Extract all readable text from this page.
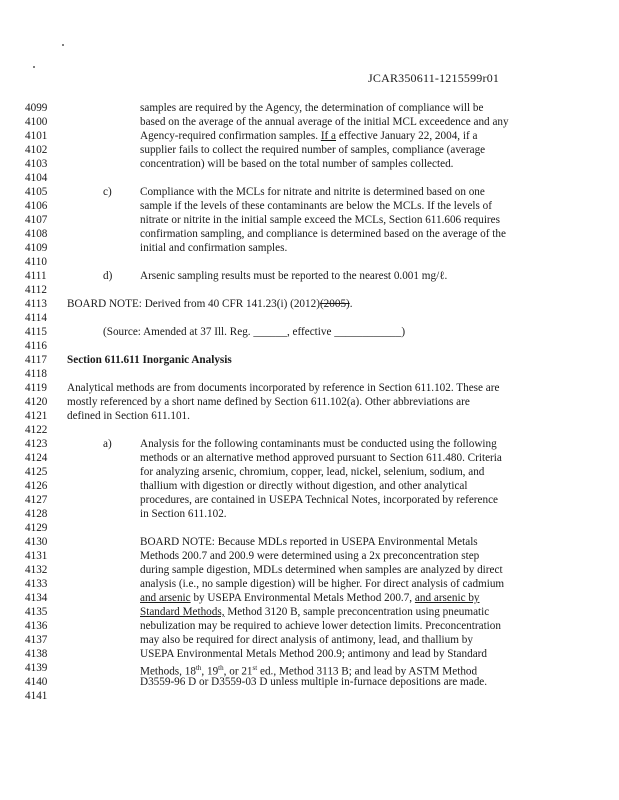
JCAR350611-1215599r01
4099	samples are required by the Agency, the determination of compliance will be
4100	based on the average of the annual average of the initial MCL exceedence and any
4101	Agency-required confirmation samples. If a effective January 22, 2004, if a
4102	supplier fails to collect the required number of samples, compliance (average
4103	concentration) will be based on the total number of samples collected.
4104
4105	c)	Compliance with the MCLs for nitrate and nitrite is determined based on one
4106	sample if the levels of these contaminants are below the MCLs. If the levels of
4107	nitrate or nitrite in the initial sample exceed the MCLs, Section 611.606 requires
4108	confirmation sampling, and compliance is determined based on the average of the
4109	initial and confirmation samples.
4110
4111	d) Arsenic sampling results must be reported to the nearest 0.001 mg/ℓ.
4112
4113	BOARD NOTE: Derived from 40 CFR 141.23(i) (2012)(2005).
4114
4115	(Source: Amended at 37 Ill. Reg. ______, effective ____________)
4116
4117	Section 611.611 Inorganic Analysis
4118
4119	Analytical methods are from documents incorporated by reference in Section 611.102. These are
4120	mostly referenced by a short name defined by Section 611.102(a). Other abbreviations are
4121	defined in Section 611.101.
4122
4123	a)	Analysis for the following contaminants must be conducted using the following
4124	methods or an alternative method approved pursuant to Section 611.480. Criteria
4125	for analyzing arsenic, chromium, copper, lead, nickel, selenium, sodium, and
4126	thallium with digestion or directly without digestion, and other analytical
4127	procedures, are contained in USEPA Technical Notes, incorporated by reference
4128	in Section 611.102.
4129
4130	BOARD NOTE: Because MDLs reported in USEPA Environmental Metals
4131	Methods 200.7 and 200.9 were determined using a 2x preconcentration step
4132	during sample digestion, MDLs determined when samples are analyzed by direct
4133	analysis (i.e., no sample digestion) will be higher. For direct analysis of cadmium
4134	and arsenic by USEPA Environmental Metals Method 200.7, and arsenic by
4135	Standard Methods, Method 3120 B, sample preconcentration using pneumatic
4136	nebulization may be required to achieve lower detection limits. Preconcentration
4137	may also be required for direct analysis of antimony, lead, and thallium by
4138	USEPA Environmental Metals Method 200.9; antimony and lead by Standard
4139	Methods, 18th, 19th, or 21st ed., Method 3113 B; and lead by ASTM Method
4140	D3559-96 D or D3559-03 D unless multiple in-furnace depositions are made.
4141
